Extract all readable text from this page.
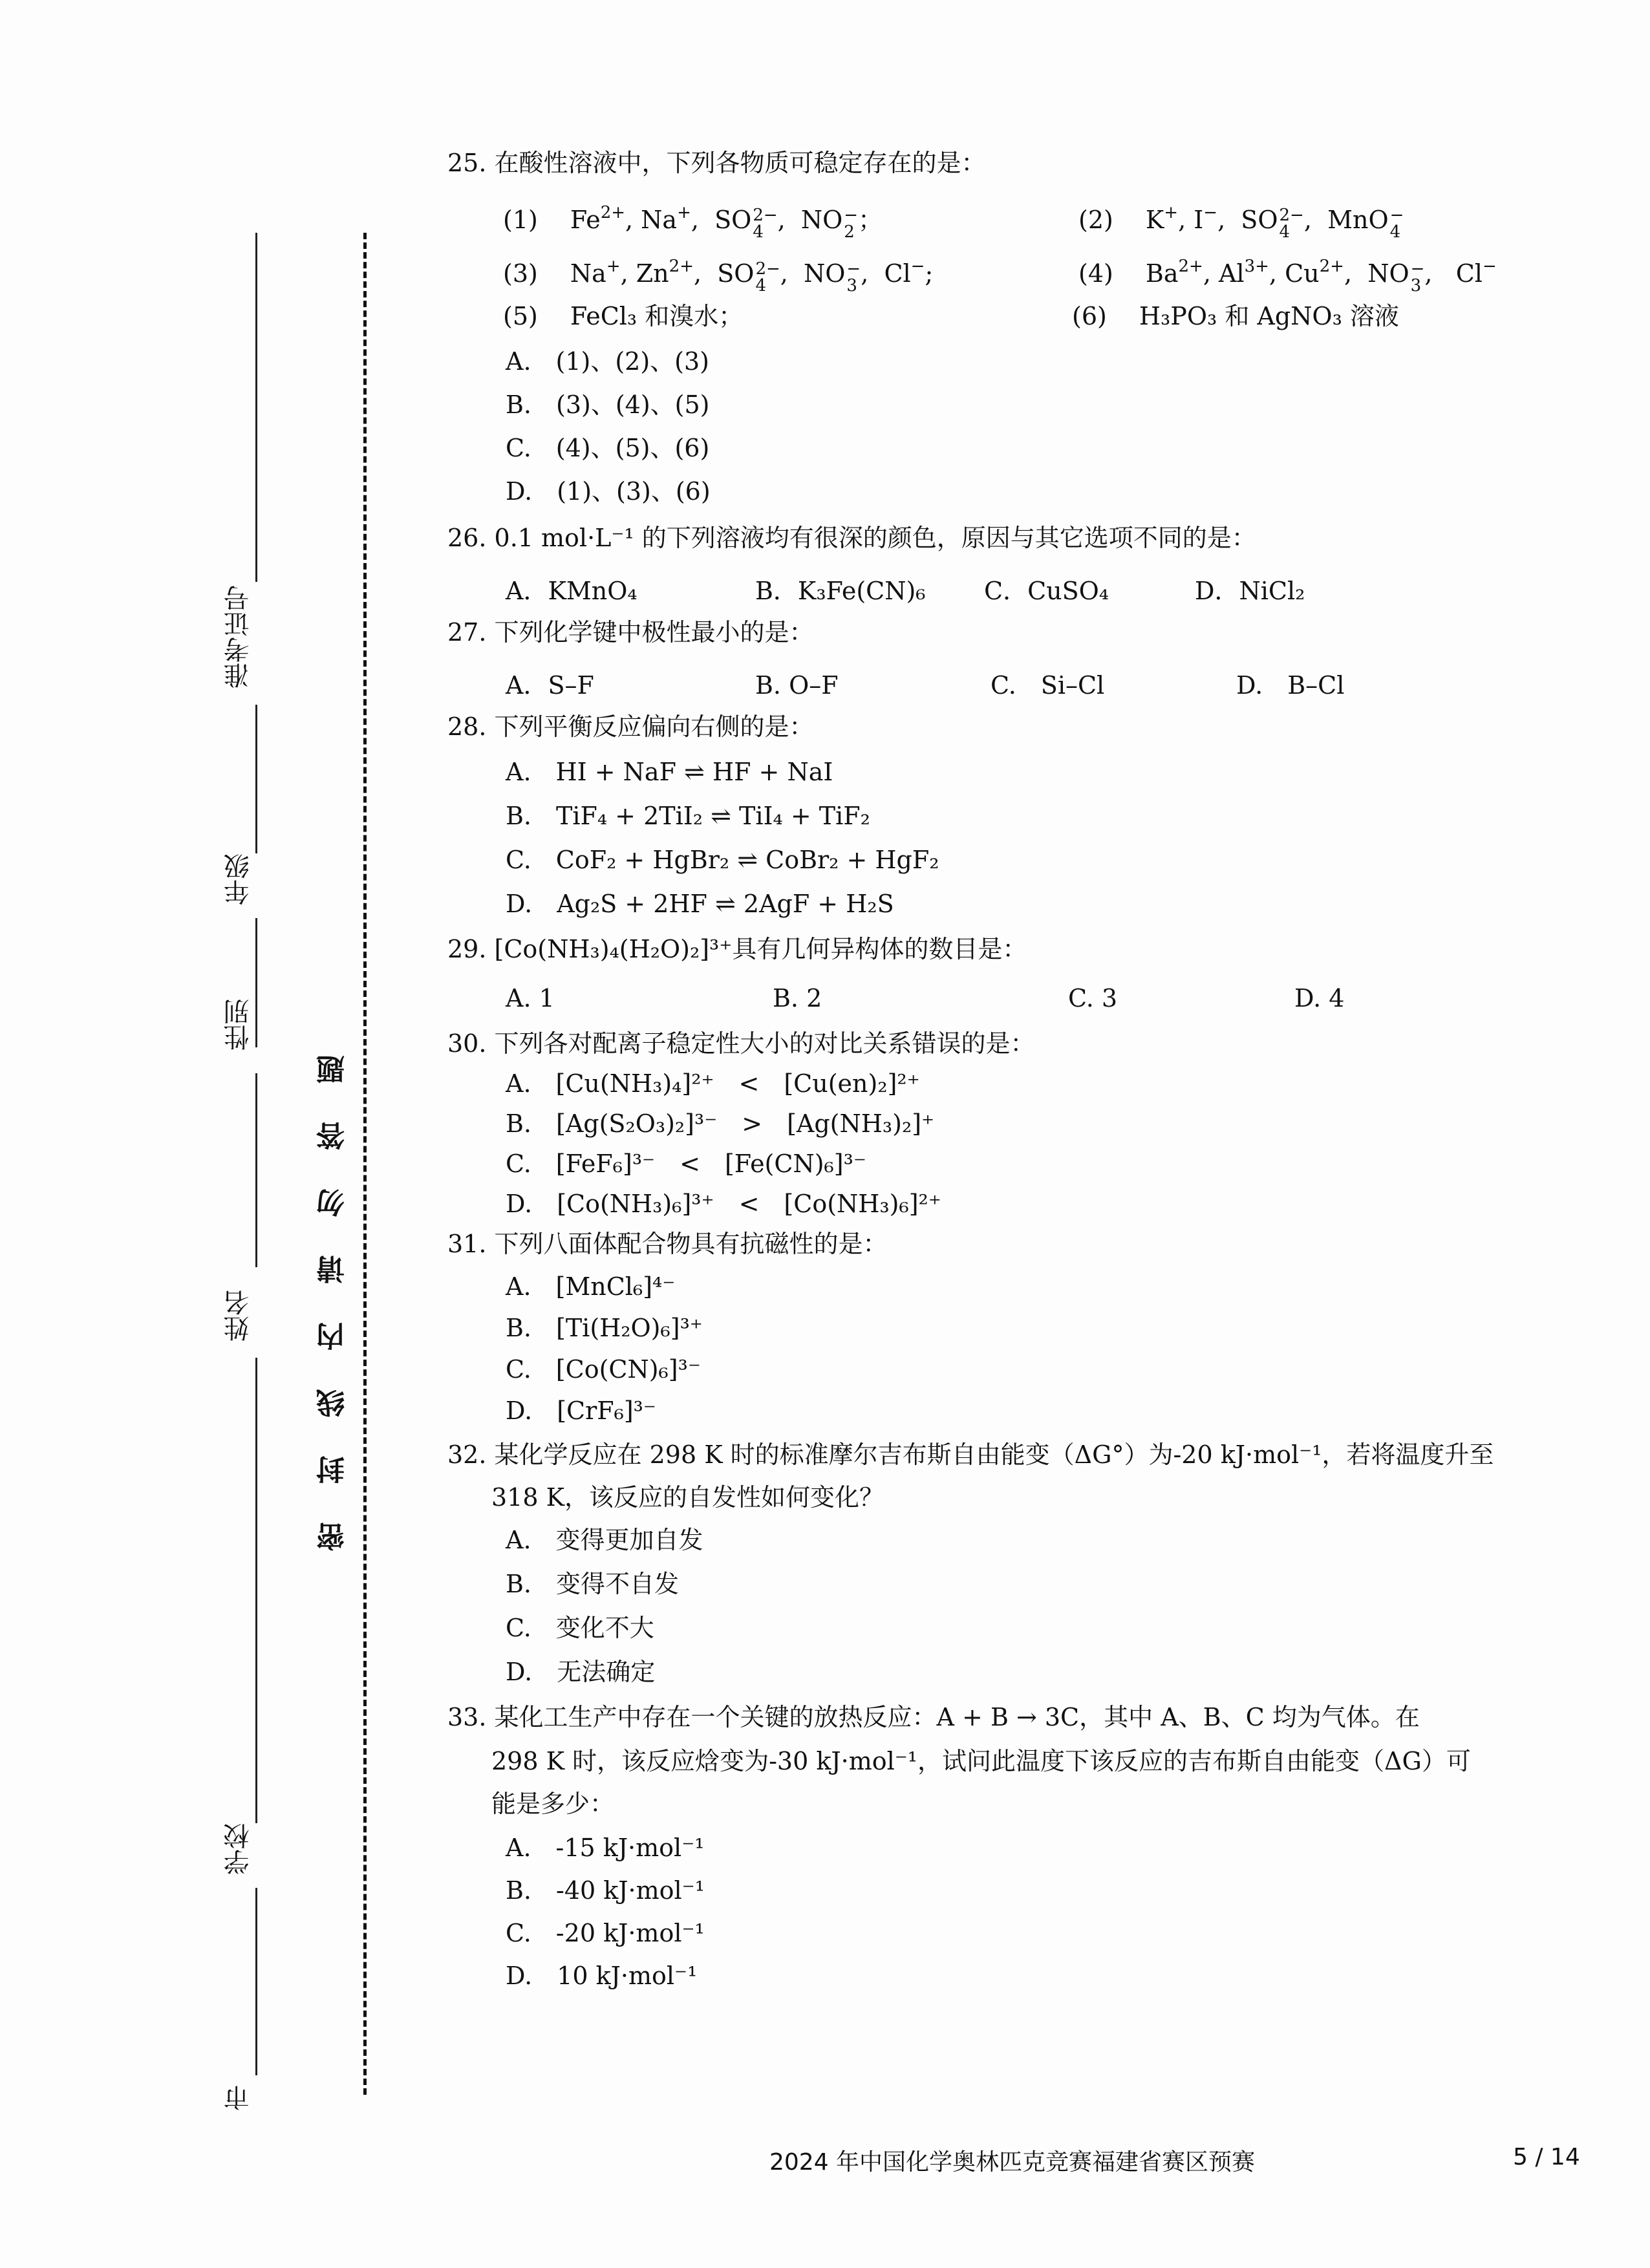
准考证号
年级
性别
姓名
学校
市
密 封 线 内 请 勿 答 题
25. 在酸性溶液中，下列各物质可稳定存在的是：
(1)　 $Fe^{2+}$, Na+,  SO 2−
4 ,  NO −
2 ；	(2)　 K+, I−,  SO 2−
4 ,  MnO −
4
(3)　 Na+, $Zn^{2+}$,  SO 2−
4 ,  NO −
3 ,  Cl−;	(4)　 $Ba^{2+}$, $Al^{3+}$, $Cu^{2+}$,  NO −
3 ,   Cl−
(5)　 FeCl₃ 和溴水；	(6)　 H₃PO₃ 和 AgNO₃ 溶液
A.　(1)、(2)、(3)
B.　(3)、(4)、(5)
C.　(4)、(5)、(6)
D.　(1)、(3)、(6)
26. 0.1 mol·L⁻¹ 的下列溶液均有很深的颜色，原因与其它选项不同的是：
A．KMnO₄	B．K₃Fe(CN)₆ C．CuSO₄	D．NiCl₂
27. 下列化学键中极性最小的是：
A．S–F	B. O–F	C.　Si–Cl	D.　B–Cl
28. 下列平衡反应偏向右侧的是：
A.　HI + NaF ⇌ HF + NaI
B.　TiF₄ + 2TiI₂ ⇌ TiI₄ + TiF₂
C.　CoF₂ + HgBr₂ ⇌ CoBr₂ + HgF₂
D.　Ag₂S + 2HF ⇌ 2AgF + H₂S
29. [Co(NH₃)₄(H₂O)₂]³⁺具有几何异构体的数目是：
A. 1	B. 2	C. 3	D. 4
30. 下列各对配离子稳定性大小的对比关系错误的是：
A.　[Cu(NH₃)₄]²⁺　<　[Cu(en)₂]²⁺
B.　[Ag(S₂O₃)₂]³⁻　>　[Ag(NH₃)₂]⁺
C.　[FeF₆]³⁻　<　[Fe(CN)₆]³⁻
D.　[Co(NH₃)₆]³⁺　<　[Co(NH₃)₆]²⁺
31. 下列八面体配合物具有抗磁性的是：
A.　[MnCl₆]⁴⁻
B.　[Ti(H₂O)₆]³⁺
C.　[Co(CN)₆]³⁻
D.　[CrF₆]³⁻
32. 某化学反应在 298 K 时的标准摩尔吉布斯自由能变（ΔG°）为-20 kJ·mol⁻¹，若将温度升至
318 K，该反应的自发性如何变化？
A.　变得更加自发
B.　变得不自发
C.　变化不大
D.　无法确定
33. 某化工生产中存在一个关键的放热反应：A + B → 3C，其中 A、B、C 均为气体。在
298 K 时，该反应焓变为-30 kJ·mol⁻¹，试问此温度下该反应的吉布斯自由能变（ΔG）可
能是多少：
A.　-15 kJ·mol⁻¹
B.　-40 kJ·mol⁻¹
C.　-20 kJ·mol⁻¹
D.　10 kJ·mol⁻¹
2024 年中国化学奥林匹克竞赛福建省赛区预赛	5 / 14
